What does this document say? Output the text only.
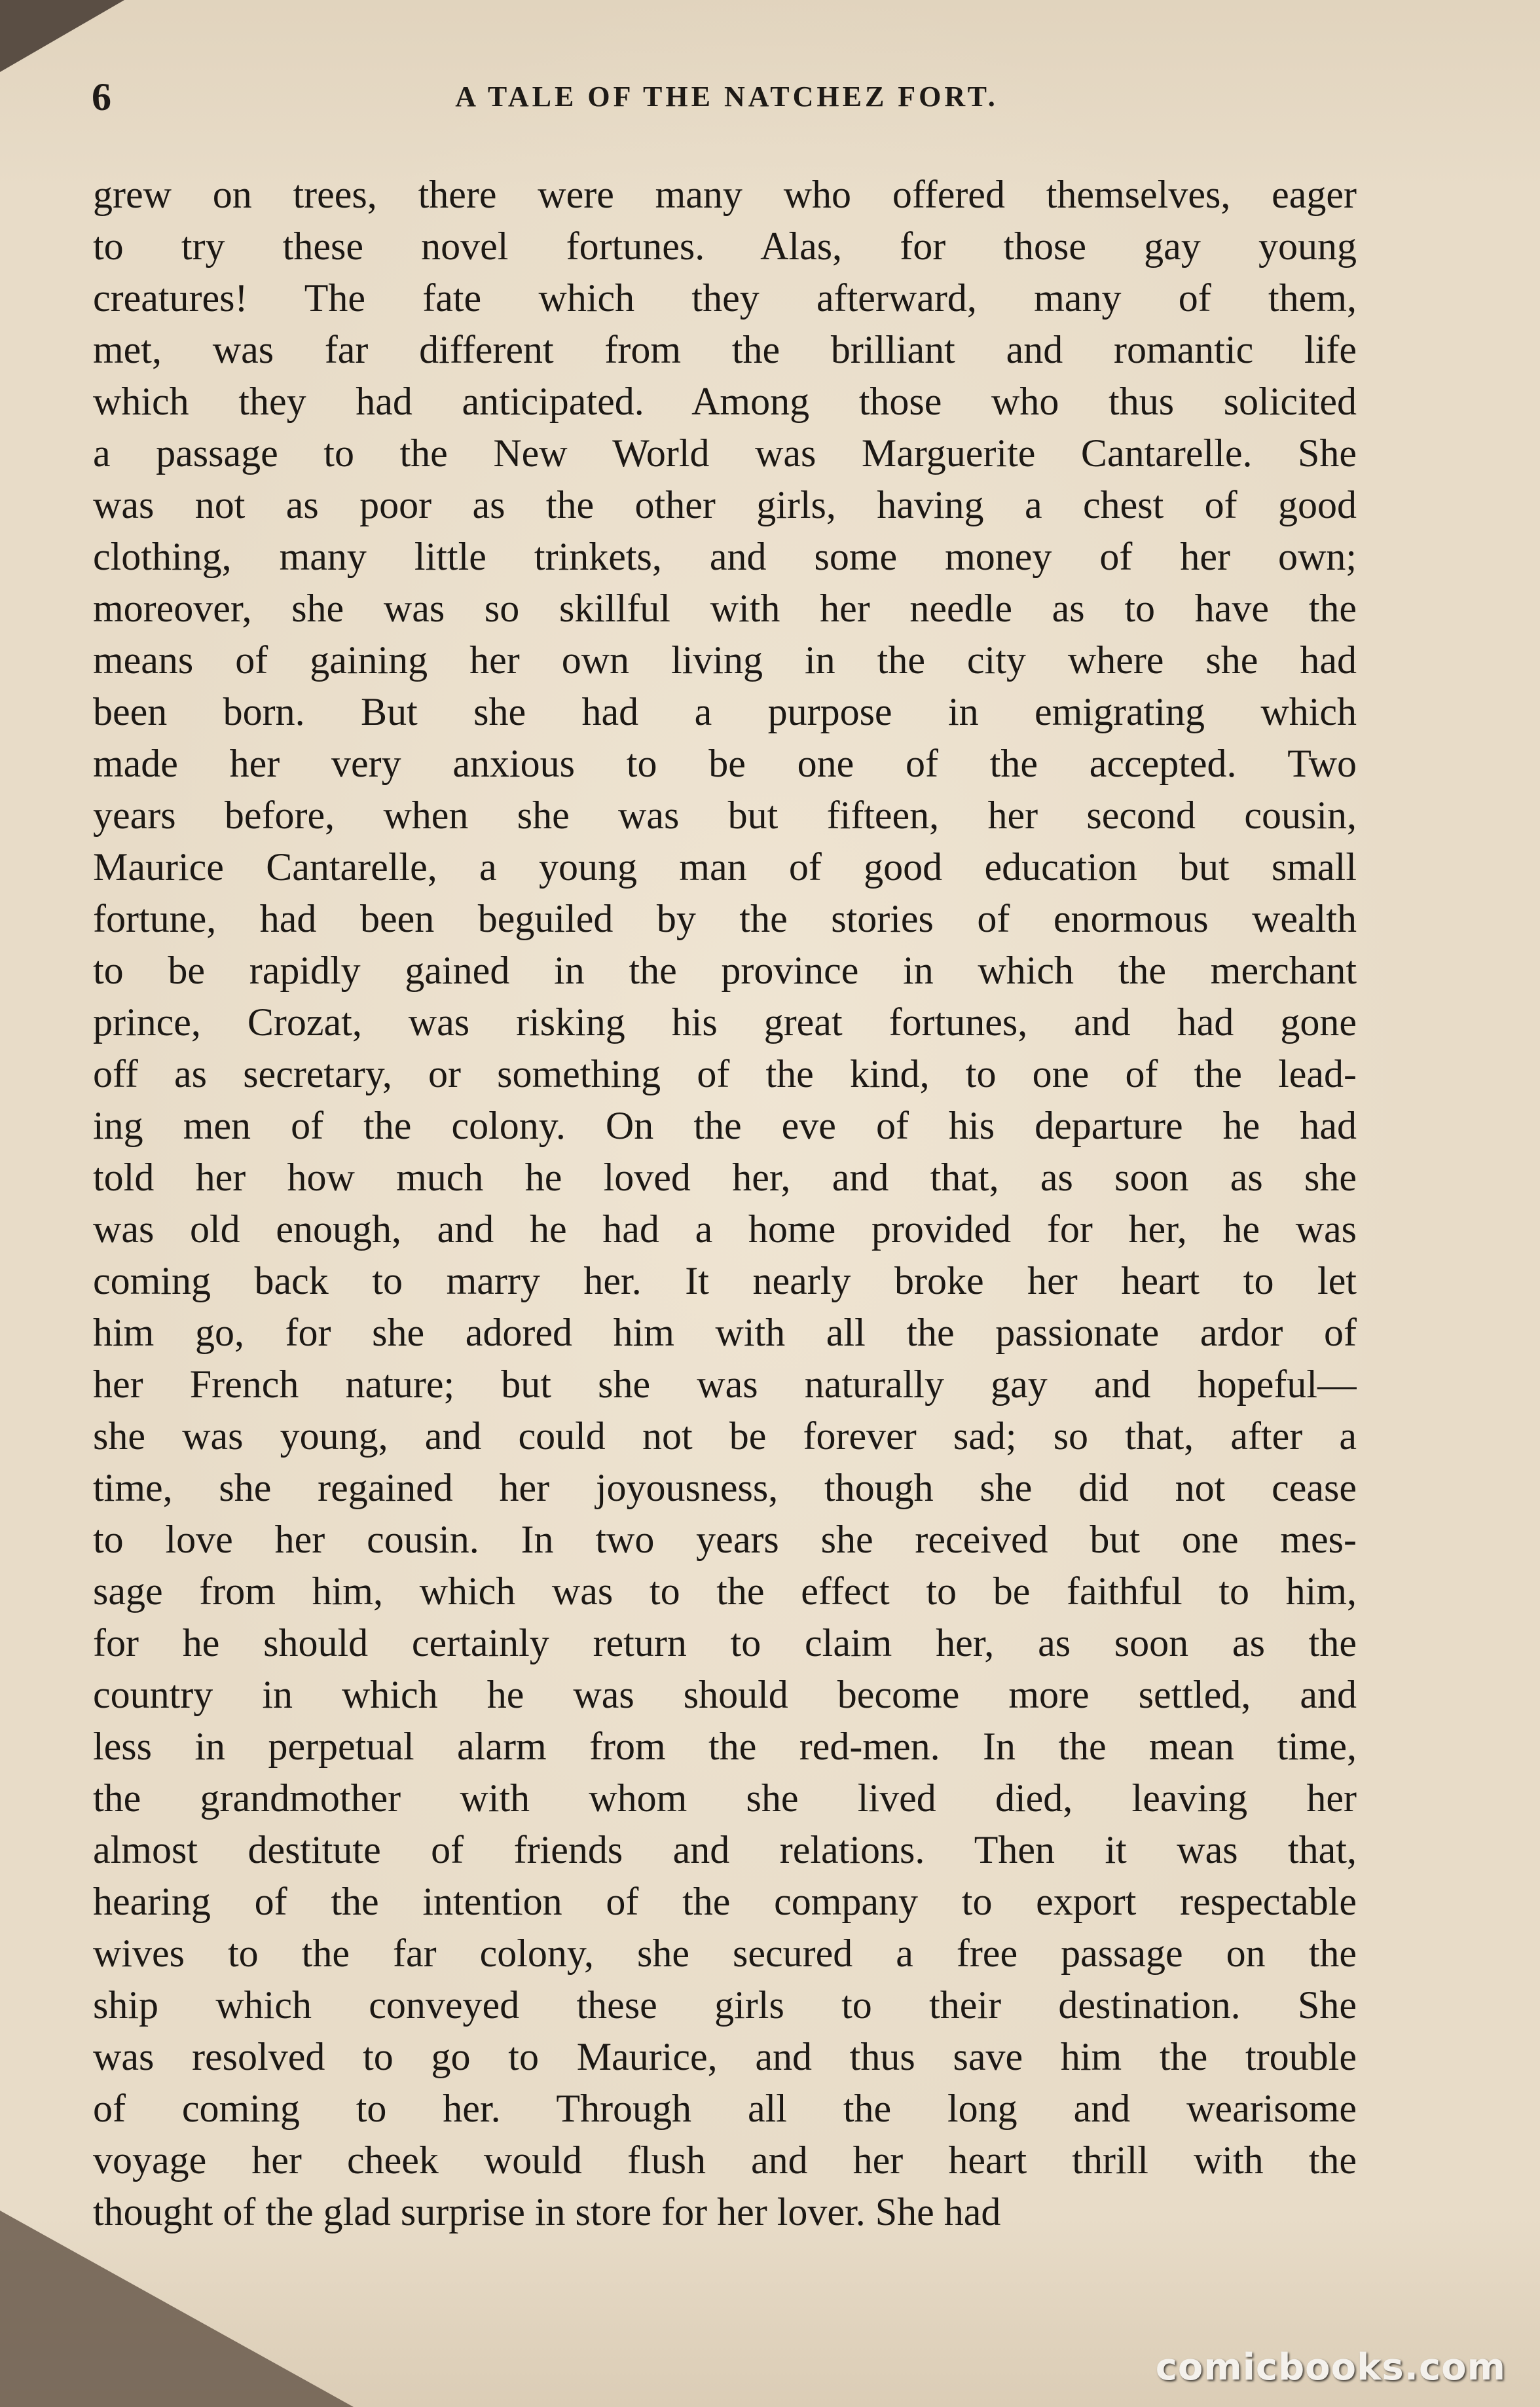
6	A TALE OF THE NATCHEZ FORT.
grew on trees, there were many who offered themselves, eager
to try these novel fortunes. Alas, for those gay young
creatures! The fate which they afterward, many of them,
met, was far different from the brilliant and romantic life
which they had anticipated. Among those who thus solicited
a passage to the New World was Marguerite Cantarelle. She
was not as poor as the other girls, having a chest of good
clothing, many little trinkets, and some money of her own;
moreover, she was so skillful with her needle as to have the
means of gaining her own living in the city where she had
been born. But she had a purpose in emigrating which
made her very anxious to be one of the accepted. Two
years before, when she was but fifteen, her second cousin,
Maurice Cantarelle, a young man of good education but small
fortune, had been beguiled by the stories of enormous wealth
to be rapidly gained in the province in which the merchant
prince, Crozat, was risking his great fortunes, and had gone
off as secretary, or something of the kind, to one of the lead-
ing men of the colony. On the eve of his departure he had
told her how much he loved her, and that, as soon as she
was old enough, and he had a home provided for her, he was
coming back to marry her. It nearly broke her heart to let
him go, for she adored him with all the passionate ardor of
her French nature; but she was naturally gay and hopeful—
she was young, and could not be forever sad; so that, after a
time, she regained her joyousness, though she did not cease
to love her cousin. In two years she received but one mes-
sage from him, which was to the effect to be faithful to him,
for he should certainly return to claim her, as soon as the
country in which he was should become more settled, and
less in perpetual alarm from the red-men. In the mean time,
the grandmother with whom she lived died, leaving her
almost destitute of friends and relations. Then it was that,
hearing of the intention of the company to export respectable
wives to the far colony, she secured a free passage on the
ship which conveyed these girls to their destination. She
was resolved to go to Maurice, and thus save him the trouble
of coming to her. Through all the long and wearisome
voyage her cheek would flush and her heart thrill with the
thought of the glad surprise in store for her lover. She had
comicbooks.com
